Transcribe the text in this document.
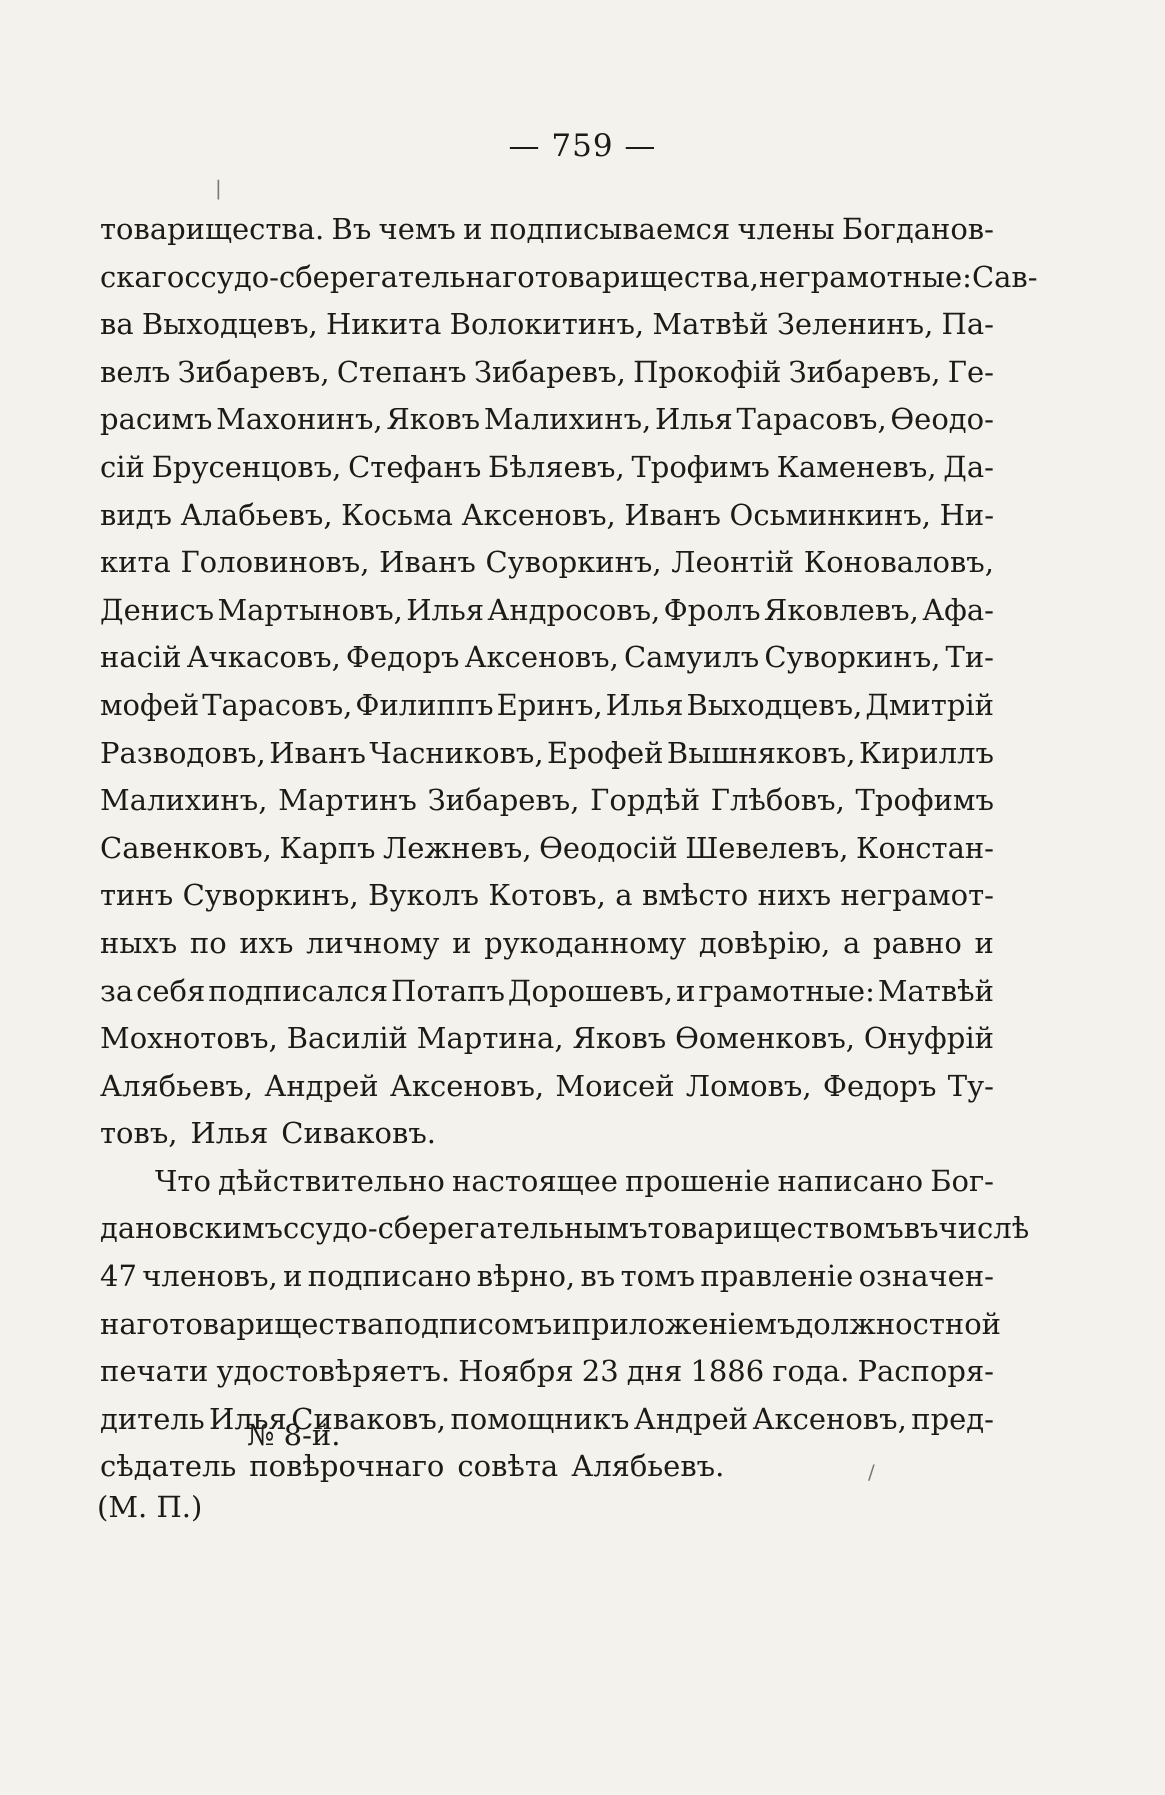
— 759 —
товарищества. Въ чемъ и подписываемся члены Богданов-
скаго ссудо-сберегательнаго товарищества, неграмотные: Сав-
ва Выходцевъ, Никита Волокитинъ, Матвѣй Зеленинъ, Па-
велъ Зибаревъ, Степанъ Зибаревъ, Прокофій Зибаревъ, Ге-
расимъ Махонинъ, Яковъ Малихинъ, Илья Тарасовъ, Ѳеодо-
сій Брусенцовъ, Стефанъ Бѣляевъ, Трофимъ Каменевъ, Да-
видъ Алабьевъ, Косьма Аксеновъ, Иванъ Осьминкинъ, Ни-
кита Головиновъ, Иванъ Суворкинъ, Леонтій Коноваловъ,
Денисъ Мартыновъ, Илья Андросовъ, Фролъ Яковлевъ, Афа-
насій Ачкасовъ, Федоръ Аксеновъ, Самуилъ Суворкинъ, Ти-
мофей Тарасовъ, Филиппъ Еринъ, Илья Выходцевъ, Дмитрій
Разводовъ, Иванъ Часниковъ, Ерофей Вышняковъ, Кириллъ
Малихинъ, Мартинъ Зибаревъ, Гордѣй Глѣбовъ, Трофимъ
Савенковъ, Карпъ Лежневъ, Ѳеодосій Шевелевъ, Констан-
тинъ Суворкинъ, Вуколъ Котовъ, а вмѣсто нихъ неграмот-
ныхъ по ихъ личному и рукоданному довѣрію, а равно и
за себя подписался Потапъ Дорошевъ, и грамотные: Матвѣй
Мохнотовъ, Василій Мартина, Яковъ Ѳоменковъ, Онуфрій
Алябьевъ, Андрей Аксеновъ, Моисей Ломовъ, Федоръ Ту-
товъ, Илья Сиваковъ.
Что дѣйствительно настоящее прошеніе написано Бог-
дановскимъ ссудо-сберегательнымъ товариществомъ въ числѣ
47 членовъ, и подписано вѣрно, въ томъ правленіе означен-
наго товарищества подписомъ и приложеніемъ должностной
печати удостовѣряетъ. Ноября 23 дня 1886 года. Распоря-
дитель Илья Сиваковъ, помощникъ Андрей Аксеновъ, пред-
сѣдатель повѣрочнаго совѣта Алябьевъ.
№ 8-й.
(М. П.)
|
/
